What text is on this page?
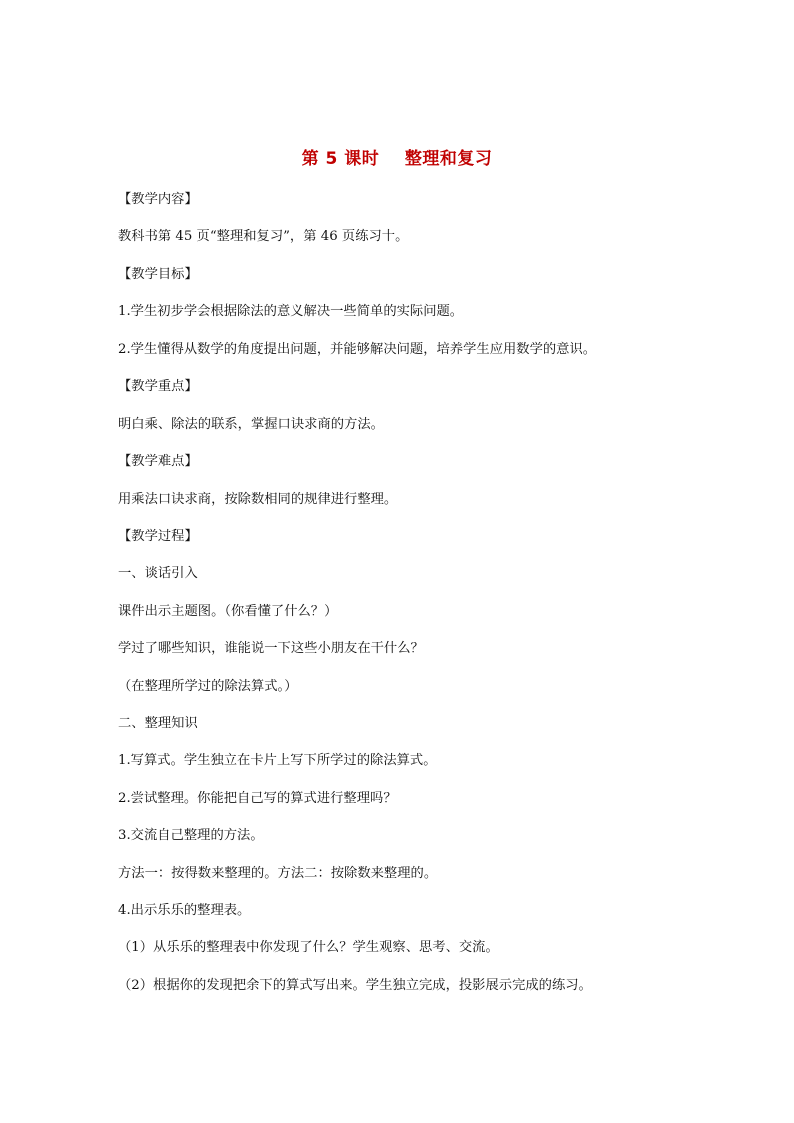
第 5 课时    整理和复习
【教学内容】
教科书第 45 页“整理和复习”，第 46 页练习十。
【教学目标】
1.学生初步学会根据除法的意义解决一些简单的实际问题。
2.学生懂得从数学的角度提出问题，并能够解决问题，培养学生应用数学的意识。
【教学重点】
明白乘、除法的联系，掌握口诀求商的方法。
【教学难点】
用乘法口诀求商，按除数相同的规律进行整理。
【教学过程】
一、谈话引入
课件出示主题图。（你看懂了什么？）
学过了哪些知识，谁能说一下这些小朋友在干什么？
（在整理所学过的除法算式。）
二、整理知识
1.写算式。学生独立在卡片上写下所学过的除法算式。
2.尝试整理。你能把自己写的算式进行整理吗？
3.交流自己整理的方法。
方法一：按得数来整理的。方法二：按除数来整理的。
4.出示乐乐的整理表。
（1）从乐乐的整理表中你发现了什么？学生观察、思考、交流。
（2）根据你的发现把余下的算式写出来。学生独立完成，投影展示完成的练习。
